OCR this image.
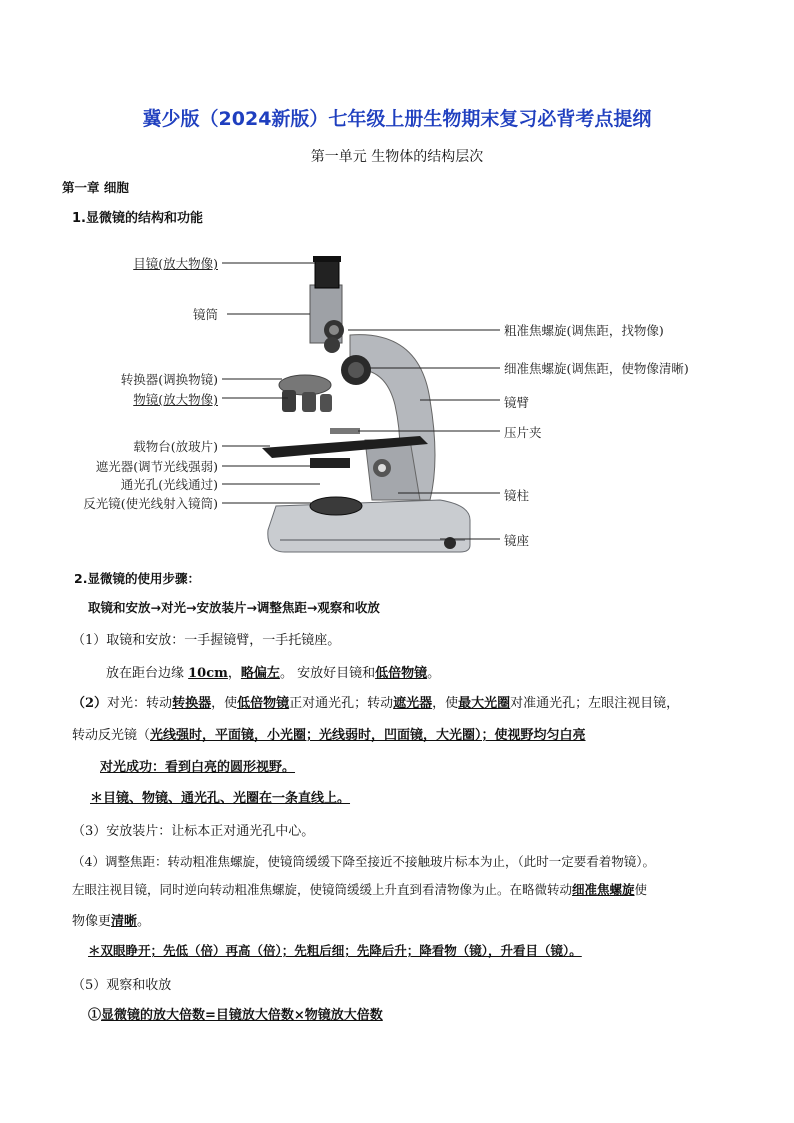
冀少版（2024新版）七年级上册生物期末复习必背考点提纲
第一单元 生物体的结构层次
第一章 细胞
1.显微镜的结构和功能
目镜(放大物像)
镜筒
转换器(调换物镜)
物镜(放大物像)
载物台(放玻片)
遮光器(调节光线强弱)
通光孔(光线通过)
反光镜(使光线射入镜筒)
粗准焦螺旋(调焦距，找物像)
细准焦螺旋(调焦距，使物像清晰)
镜臂
压片夹
镜柱
镜座
2.显微镜的使用步骤：
取镜和安放→对光→安放装片→调整焦距→观察和收放
（1）取镜和安放：一手握镜臂，一手托镜座。
放在距台边缘 10cm，略偏左。 安放好目镜和低倍物镜。
（2）对光：转动转换器，使低倍物镜正对通光孔；转动遮光器，使最大光圈对准通光孔；左眼注视目镜，
转动反光镜（光线强时，平面镜，小光圈；光线弱时，凹面镜，大光圈）；使视野均匀白亮
对光成功：看到白亮的圆形视野。
＊目镜、物镜、通光孔、光圈在一条直线上。
（3）安放装片：让标本正对通光孔中心。
（4）调整焦距：转动粗准焦螺旋，使镜筒缓缓下降至接近不接触玻片标本为止，（此时一定要看着物镜）。
左眼注视目镜，同时逆向转动粗准焦螺旋，使镜筒缓缓上升直到看清物像为止。在略微转动细准焦螺旋使
物像更清晰。
＊双眼睁开；先低（倍）再高（倍）；先粗后细；先降后升；降看物（镜），升看目（镜）。
（5）观察和收放
①显微镜的放大倍数=目镜放大倍数×物镜放大倍数
